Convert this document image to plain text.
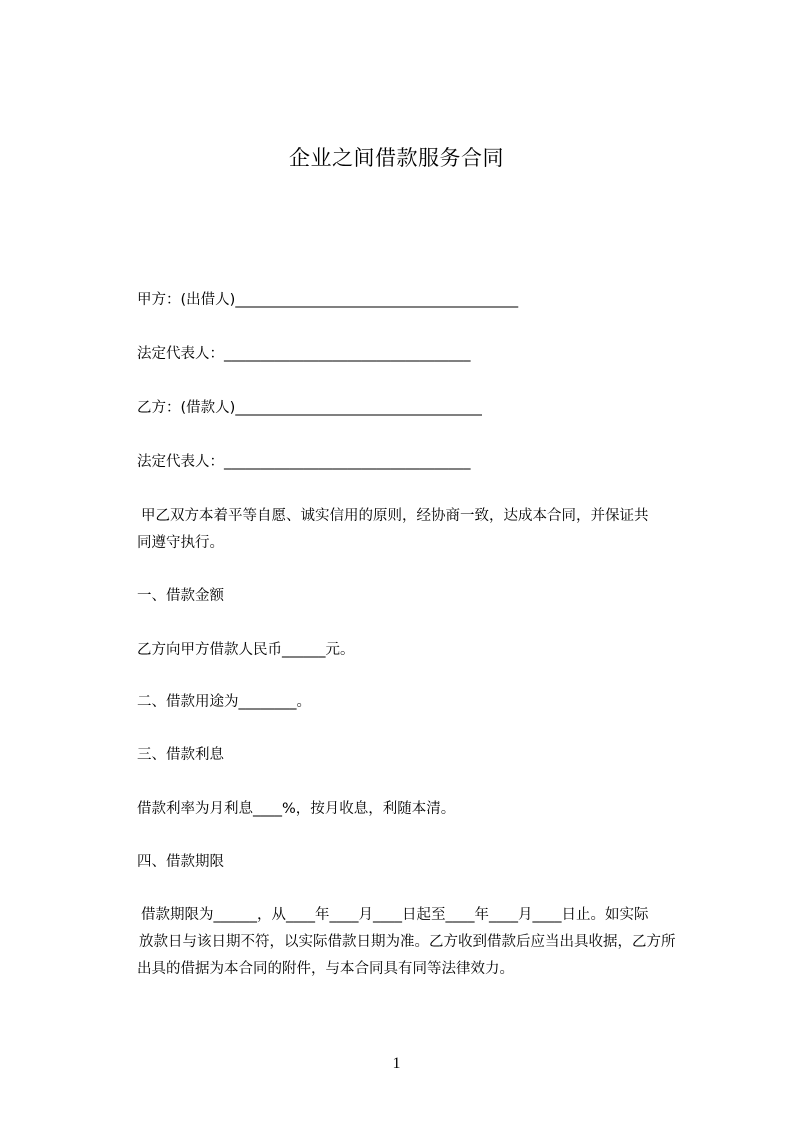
企业之间借款服务合同
甲方：(出借人)_______________________________________
法定代表人：__________________________________
乙方：(借款人)__________________________________
法定代表人：__________________________________
甲乙双方本着平等自愿、诚实信用的原则，经协商一致，达成本合同，并保证共
同遵守执行。
一、借款金额
乙方向甲方借款人民币______元。
二、借款用途为________。
三、借款利息
借款利率为月利息____%，按月收息，利随本清。
四、借款期限
借款期限为______，从____年____月____日起至____年____月____日止。如实际
放款日与该日期不符，以实际借款日期为准。乙方收到借款后应当出具收据，乙方所
出具的借据为本合同的附件，与本合同具有同等法律效力。
1
